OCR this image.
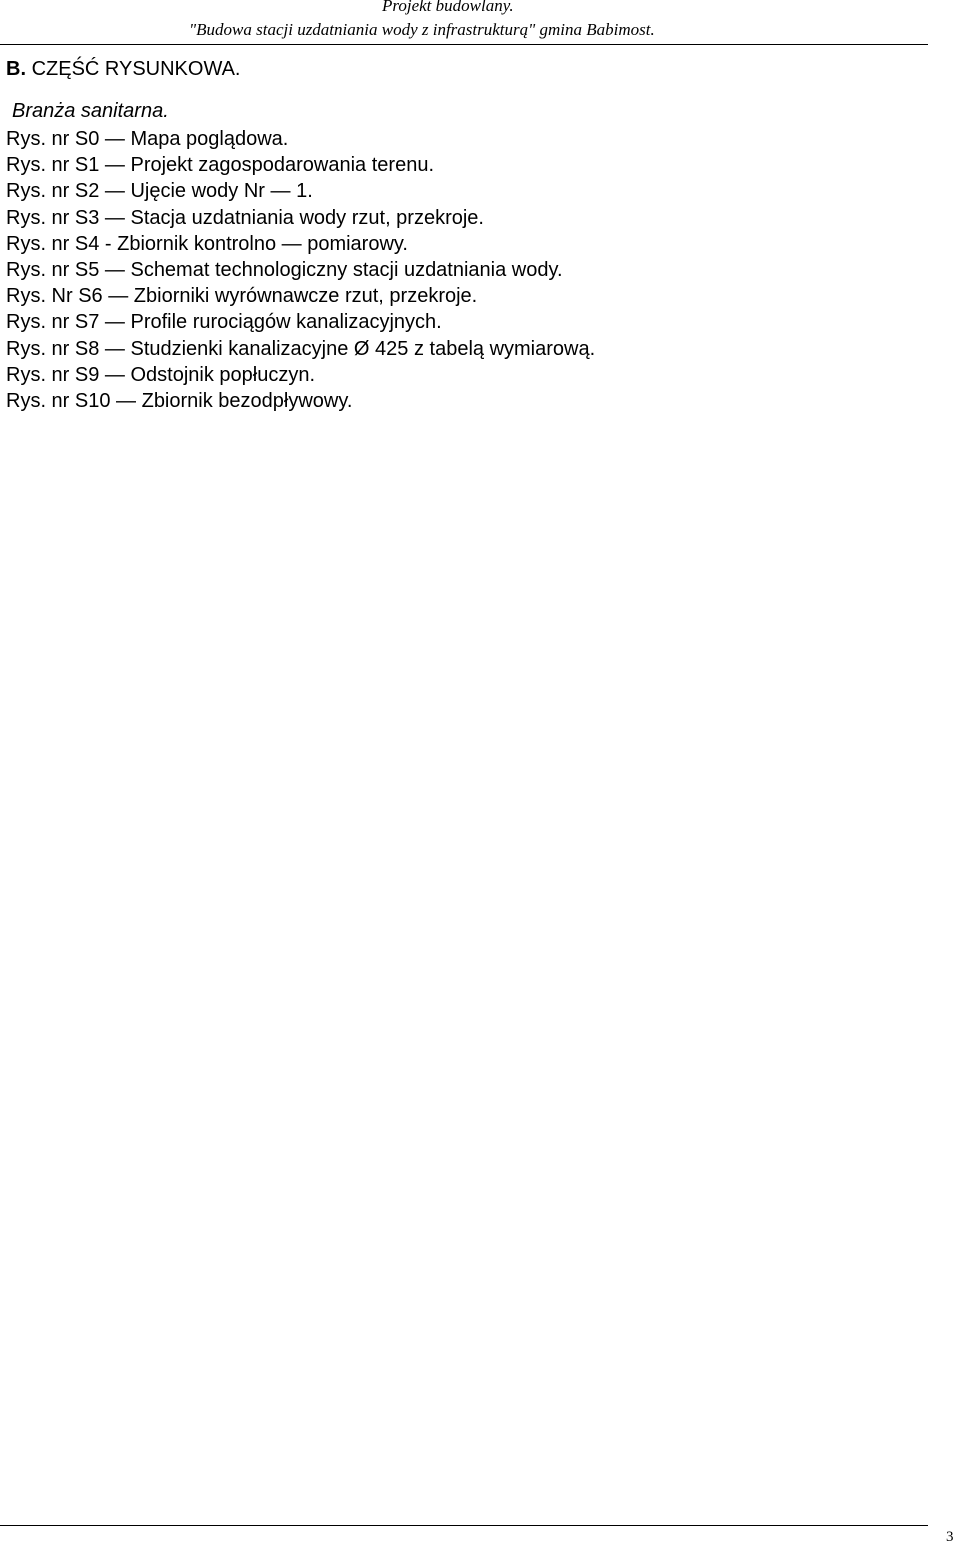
Projekt budowlany.
"Budowa stacji uzdatniania wody z infrastrukturą" gmina Babimost.
B. CZĘŚĆ RYSUNKOWA.
Branża sanitarna.
Rys. nr S0 — Mapa poglądowa.
Rys. nr S1 — Projekt zagospodarowania terenu.
Rys. nr S2 — Ujęcie wody Nr — 1.
Rys. nr S3 — Stacja uzdatniania wody rzut, przekroje.
Rys. nr S4 - Zbiornik kontrolno — pomiarowy.
Rys. nr S5 — Schemat technologiczny stacji uzdatniania wody.
Rys. Nr S6 — Zbiorniki wyrównawcze rzut, przekroje.
Rys. nr S7 — Profile rurociągów kanalizacyjnych.
Rys. nr S8 — Studzienki kanalizacyjne Ø 425 z tabelą wymiarową.
Rys. nr S9 — Odstojnik popłuczyn.
Rys. nr S10 — Zbiornik bezodpływowy.
3
